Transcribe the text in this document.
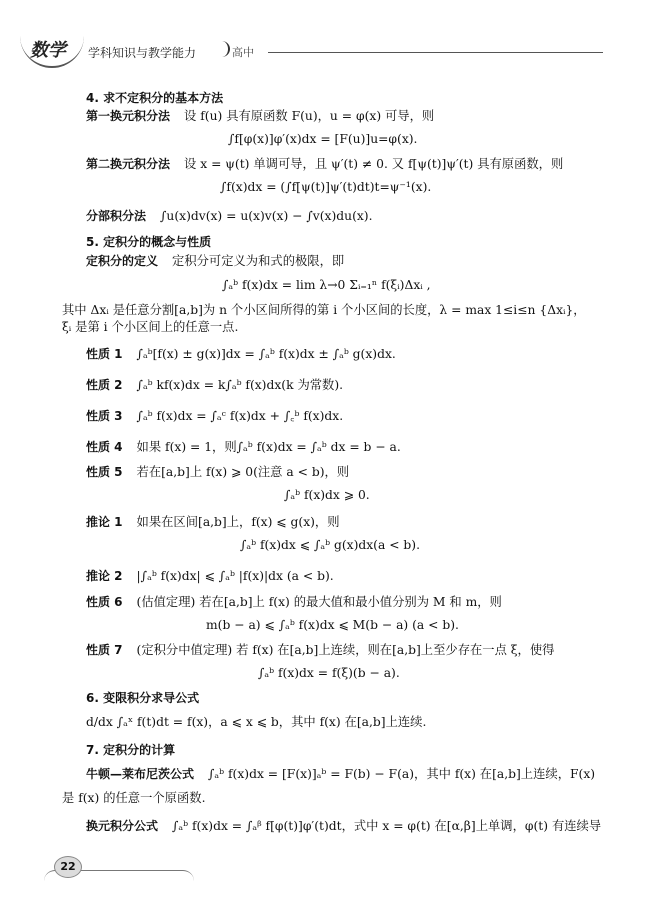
数学 学科知识与教学能力	高中
4. 求不定积分的基本方法
第一换元积分法 设 f(u) 具有原函数 F(u)，u = φ(x) 可导，则
∫f[φ(x)]φ′(x)dx = [F(u)]u=φ(x).
第二换元积分法 设 x = ψ(t) 单调可导，且 ψ′(t) ≠ 0. 又 f[ψ(t)]ψ′(t) 具有原函数，则
∫f(x)dx = (∫f[ψ(t)]ψ′(t)dt)t=ψ⁻¹(x).
分部积分法 ∫u(x)dv(x) = u(x)v(x) − ∫v(x)du(x).
5. 定积分的概念与性质
定积分的定义 定积分可定义为和式的极限，即
∫ₐᵇ f(x)dx = lim λ→0 Σᵢ₌₁ⁿ f(ξᵢ)Δxᵢ ,
其中 Δxᵢ 是任意分割[a,b]为 n 个小区间所得的第 i 个小区间的长度，λ = max 1≤i≤n {Δxᵢ}，ξᵢ 是第 i 个小区间上的任意一点.
性质 1 ∫ₐᵇ[f(x) ± g(x)]dx = ∫ₐᵇ f(x)dx ± ∫ₐᵇ g(x)dx.
性质 2 ∫ₐᵇ kf(x)dx = k∫ₐᵇ f(x)dx(k 为常数).
性质 3 ∫ₐᵇ f(x)dx = ∫ₐᶜ f(x)dx + ∫꜀ᵇ f(x)dx.
性质 4 如果 f(x) = 1，则∫ₐᵇ f(x)dx = ∫ₐᵇ dx = b − a.
性质 5 若在[a,b]上 f(x) ⩾ 0(注意 a < b)，则
∫ₐᵇ f(x)dx ⩾ 0.
推论 1 如果在区间[a,b]上，f(x) ⩽ g(x)，则
∫ₐᵇ f(x)dx ⩽ ∫ₐᵇ g(x)dx(a < b).
推论 2 |∫ₐᵇ f(x)dx| ⩽ ∫ₐᵇ |f(x)|dx (a < b).
性质 6 (估值定理) 若在[a,b]上 f(x) 的最大值和最小值分别为 M 和 m，则
m(b − a) ⩽ ∫ₐᵇ f(x)dx ⩽ M(b − a) (a < b).
性质 7 (定积分中值定理) 若 f(x) 在[a,b]上连续，则在[a,b]上至少存在一点 ξ，使得
∫ₐᵇ f(x)dx = f(ξ)(b − a).
6. 变限积分求导公式
d/dx ∫ₐˣ f(t)dt = f(x)，a ⩽ x ⩽ b，其中 f(x) 在[a,b]上连续.
7. 定积分的计算
牛顿—莱布尼茨公式 ∫ₐᵇ f(x)dx = [F(x)]ₐᵇ = F(b) − F(a)，其中 f(x) 在[a,b]上连续，F(x)
是 f(x) 的任意一个原函数.
换元积分公式 ∫ₐᵇ f(x)dx = ∫ₐᵝ f[φ(t)]φ′(t)dt，式中 x = φ(t) 在[α,β]上单调，φ(t) 有连续导
22
